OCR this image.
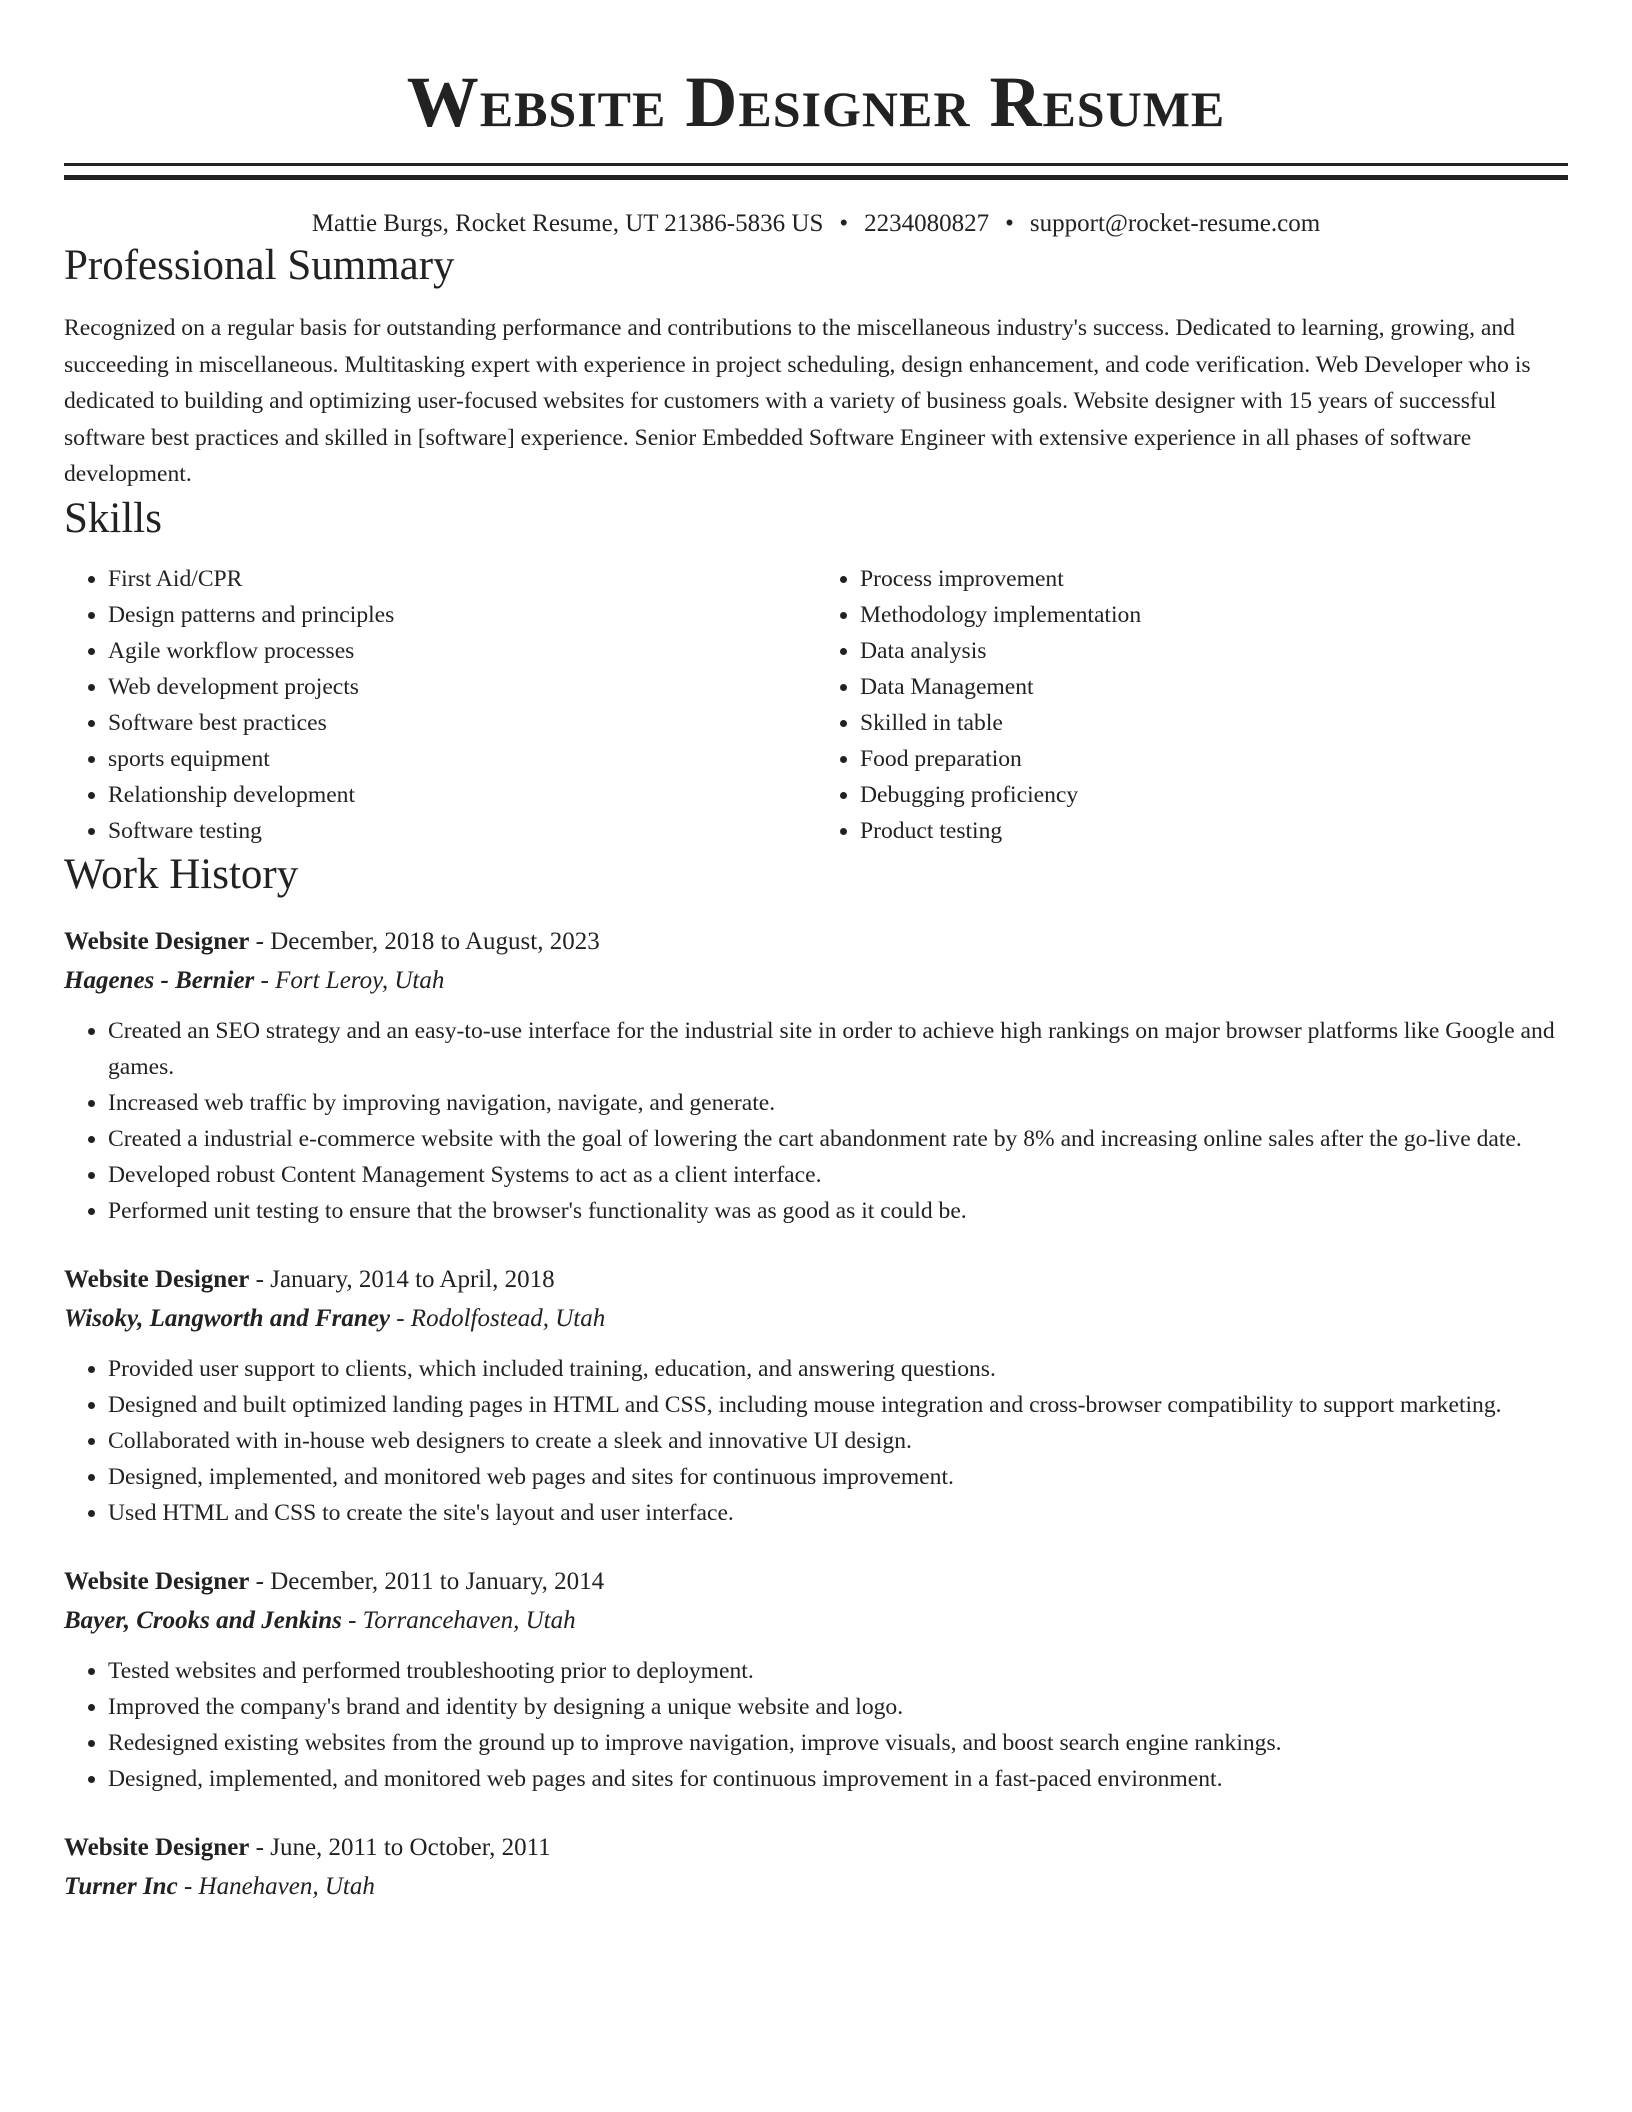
Website Designer Resume
Mattie Burgs, Rocket Resume, UT 21386-5836 US • 2234080827 • support@rocket-resume.com
Professional Summary

Recognized on a regular basis for outstanding performance and contributions to the miscellaneous industry's success. Dedicated to learning, growing, and succeeding in miscellaneous. Multitasking expert with experience in project scheduling, design enhancement, and code verification. Web Developer who is dedicated to building and optimizing user-focused websites for customers with a variety of business goals. Website designer with 15 years of successful software best practices and skilled in [software] experience. Senior Embedded Software Engineer with extensive experience in all phases of software development.

Skills
• First Aid/CPR
• Design patterns and principles
• Agile workflow processes
• Web development projects
• Software best practices
• sports equipment
• Relationship development
• Software testing
• Process improvement
• Methodology implementation
• Data analysis
• Data Management
• Skilled in table
• Food preparation
• Debugging proficiency
• Product testing
Work History
Website Designer - December, 2018 to August, 2023
Hagenes - Bernier - Fort Leroy, Utah
• Created an SEO strategy and an easy-to-use interface for the industrial site in order to achieve high rankings on major browser platforms like Google and games.
• Increased web traffic by improving navigation, navigate, and generate.
• Created a industrial e-commerce website with the goal of lowering the cart abandonment rate by 8% and increasing online sales after the go-live date.
• Developed robust Content Management Systems to act as a client interface.
• Performed unit testing to ensure that the browser's functionality was as good as it could be.
Website Designer - January, 2014 to April, 2018
Wisoky, Langworth and Franey - Rodolfostead, Utah
• Provided user support to clients, which included training, education, and answering questions.
• Designed and built optimized landing pages in HTML and CSS, including mouse integration and cross-browser compatibility to support marketing.
• Collaborated with in-house web designers to create a sleek and innovative UI design.
• Designed, implemented, and monitored web pages and sites for continuous improvement.
• Used HTML and CSS to create the site's layout and user interface.
Website Designer - December, 2011 to January, 2014
Bayer, Crooks and Jenkins - Torrancehaven, Utah
• Tested websites and performed troubleshooting prior to deployment.
• Improved the company's brand and identity by designing a unique website and logo.
• Redesigned existing websites from the ground up to improve navigation, improve visuals, and boost search engine rankings.
• Designed, implemented, and monitored web pages and sites for continuous improvement in a fast-paced environment.
Website Designer - June, 2011 to October, 2011
Turner Inc - Hanehaven, Utah
